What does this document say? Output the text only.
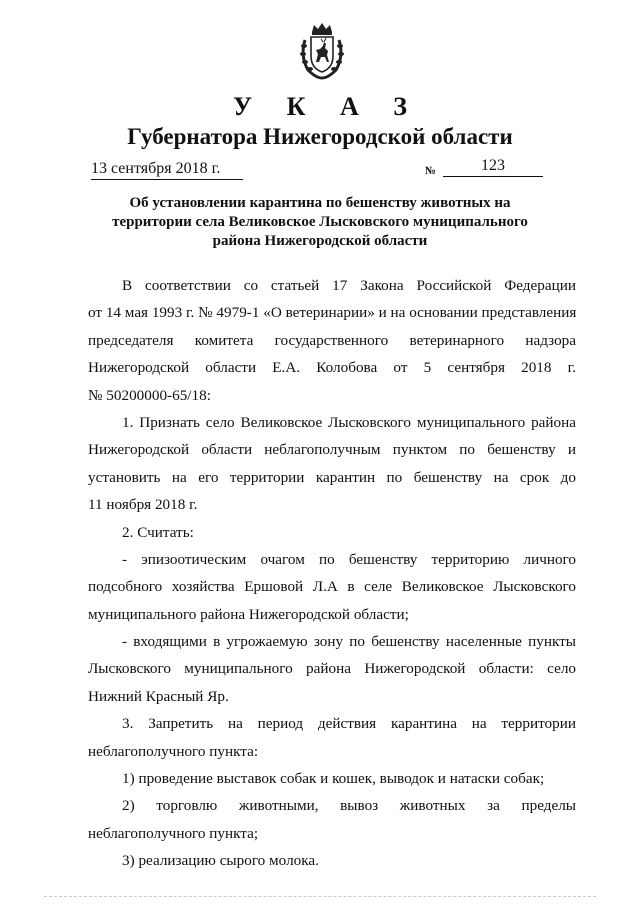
У К А З
Губернатора Нижегородской области
13 сентября 2018 г.	№	123
Об установлении карантина по бешенству животных на
территории села Великовское Лысковского муниципального
района Нижегородской области
В соответствии со статьей 17 Закона Российской Федерации
от 14 мая 1993 г. № 4979-1 «О ветеринарии» и на основании представления
председателя комитета государственного ветеринарного надзора
Нижегородской области Е.А. Колобова от 5 сентября 2018 г.
№ 50200000-65/18:
1. Признать село Великовское Лысковского муниципального района
Нижегородской области неблагополучным пунктом по бешенству и
установить на его территории карантин по бешенству на срок до
11 ноября 2018 г.
2. Считать:
- эпизоотическим очагом по бешенству территорию личного
подсобного хозяйства Ершовой Л.А в селе Великовское Лысковского
муниципального района Нижегородской области;
- входящими в угрожаемую зону по бешенству населенные пункты
Лысковского муниципального района Нижегородской области: село
Нижний Красный Яр.
3. Запретить на период действия карантина на территории
неблагополучного пункта:
1) проведение выставок собак и кошек, выводок и натаски собак;
2) торговлю животными, вывоз животных за пределы
неблагополучного пункта;
3) реализацию сырого молока.
